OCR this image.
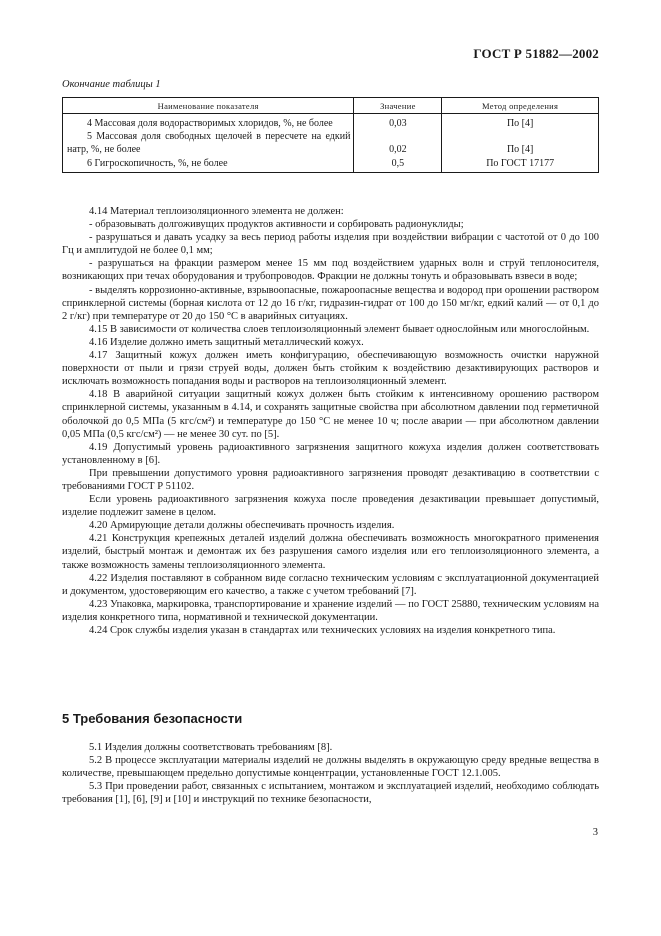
ГОСТ Р 51882—2002
Окончание таблицы 1
Наименование показателя	Значение	Метод определения
4 Массовая доля водорастворимых хлоридов, %, не более	0,03	По [4]
5 Массовая доля свободных щелочей в пересчете на едкий натр, %, не более	0,02	По [4]
6 Гигроскопичность, %, не более	0,5	По ГОСТ 17177

4.14 Материал теплоизоляционного элемента не должен:

- образовывать долгоживущих продуктов активности и сорбировать радионуклиды;

- разрушаться и давать усадку за весь период работы изделия при воздействии вибрации с частотой от 0 до 100 Гц и амплитудой не более 0,1 мм;

- разрушаться на фракции размером менее 15 мм под воздействием ударных волн и струй теплоносителя, возникающих при течах оборудования и трубопроводов. Фракции не должны тонуть и образовывать взвеси в воде;

- выделять коррозионно-активные, взрывоопасные, пожароопасные вещества и водород при орошении раствором спринклерной системы (борная кислота от 12 до 16 г/кг, гидразин-гидрат от 100 до 150 мг/кг, едкий калий — от 0,1 до 2 г/кг) при температуре от 20 до 150 °С в аварийных ситуациях.

4.15 В зависимости от количества слоев теплоизоляционный элемент бывает однослойным или многослойным.

4.16 Изделие должно иметь защитный металлический кожух.

4.17 Защитный кожух должен иметь конфигурацию, обеспечивающую возможность очистки наружной поверхности от пыли и грязи струей воды, должен быть стойким к воздействию дезактивирующих растворов и исключать возможность попадания воды и растворов на теплоизоляционный элемент.

4.18 В аварийной ситуации защитный кожух должен быть стойким к интенсивному орошению раствором спринклерной системы, указанным в 4.14, и сохранять защитные свойства при абсолютном давлении под герметичной оболочкой до 0,5 МПа (5 кгс/см²) и температуре до 150 °С не менее 10 ч; после аварии — при абсолютном давлении 0,05 МПа (0,5 кгс/см²) — не менее 30 сут. по [5].

4.19 Допустимый уровень радиоактивного загрязнения защитного кожуха изделия должен соответствовать установленному в [6].

При превышении допустимого уровня радиоактивного загрязнения проводят дезактивацию в соответствии с требованиями ГОСТ Р 51102.

Если уровень радиоактивного загрязнения кожуха после проведения дезактивации превышает допустимый, изделие подлежит замене в целом.

4.20 Армирующие детали должны обеспечивать прочность изделия.

4.21 Конструкция крепежных деталей изделий должна обеспечивать возможность многократного применения изделий, быстрый монтаж и демонтаж их без разрушения самого изделия или его теплоизоляционного элемента, а также возможность замены теплоизоляционного элемента.

4.22 Изделия поставляют в собранном виде согласно техническим условиям с эксплуатационной документацией и документом, удостоверяющим его качество, а также с учетом требований [7].

4.23 Упаковка, маркировка, транспортирование и хранение изделий — по ГОСТ 25880, техническим условиям на изделия конкретного типа, нормативной и технической документации.

4.24 Срок службы изделия указан в стандартах или технических условиях на изделия конкретного типа.

5 Требования безопасности

5.1 Изделия должны соответствовать требованиям [8].

5.2 В процессе эксплуатации материалы изделий не должны выделять в окружающую среду вредные вещества в количестве, превышающем предельно допустимые концентрации, установленные ГОСТ 12.1.005.

5.3 При проведении работ, связанных с испытанием, монтажом и эксплуатацией изделий, необходимо соблюдать требования [1], [6], [9] и [10] и инструкций по технике безопасности,

3
